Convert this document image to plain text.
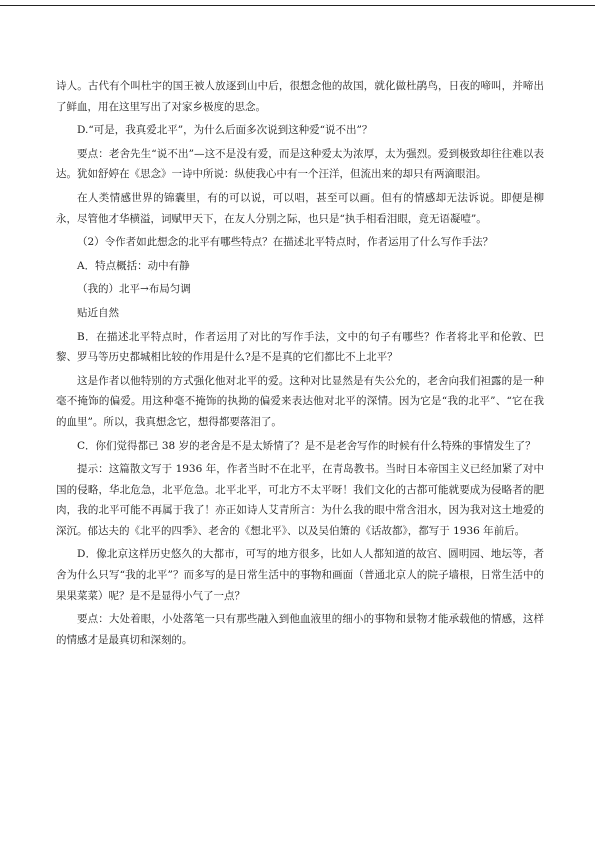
诗人。古代有个叫杜宇的国王被人放逐到山中后，很想念他的故国，就化做杜鹃鸟，日夜的啼叫，并啼出了鲜血，用在这里写出了对家乡极度的思念。

D.“可是，我真爱北平”，为什么后面多次说到这种爱“说不出”？

要点：老舍先生“说不出”—这不是没有爱，而是这种爱太为浓厚，太为强烈。爱到极致却往往难以表达。犹如舒婷在《思念》一诗中所说：纵使我心中有一个汪洋，但流出来的却只有两滴眼泪。

在人类情感世界的锦囊里，有的可以说，可以唱，甚至可以画。但有的情感却无法诉说。即便是柳永，尽管他才华横溢，词赋甲天下，在友人分别之际，也只是“执手相看泪眼，竟无语凝噎”。

（2）令作者如此想念的北平有哪些特点？在描述北平特点时，作者运用了什么写作手法？

A．特点概括：动中有静

（我的）北平→布局匀调

贴近自然

B．在描述北平特点时，作者运用了对比的写作手法，文中的句子有哪些？作者将北平和伦敦、巴黎、罗马等历史都城相比较的作用是什么?是不是真的它们都比不上北平？

这是作者以他特别的方式强化他对北平的爱。这种对比显然是有失公允的，老舍向我们袒露的是一种毫不掩饰的偏爱。用这种毫不掩饰的执拗的偏爱来表达他对北平的深情。因为它是“我的北平”、“它在我的血里”。所以，我真想念它，想得都要落泪了。

C．你们觉得都已 38 岁的老舍是不是太矫情了？是不是老舍写作的时候有什么特殊的事情发生了？

提示：这篇散文写于 1936 年，作者当时不在北平，在青岛教书。当时日本帝国主义已经加紧了对中国的侵略，华北危急，北平危急。北平北平，可北方不太平呀！我们文化的古都可能就要成为侵略者的肥肉，我的北平可能不再属于我了！亦正如诗人艾青所言：为什么我的眼中常含泪水，因为我对这土地爱的深沉。郁达夫的《北平的四季》、老舍的《想北平》、以及吴伯箫的《话故都》，都写于 1936 年前后。

D．像北京这样历史悠久的大都市，可写的地方很多，比如人人都知道的故宫、圆明园、地坛等，者舍为什么只写“我的北平”？而多写的是日常生活中的事物和画面（普通北京人的院子墙根，日常生活中的果果菜菜）呢？是不是显得小气了一点？

要点：大处着眼，小处落笔一只有那些融入到他血液里的细小的事物和景物才能承载他的情感，这样的情感才是最真切和深刻的。
